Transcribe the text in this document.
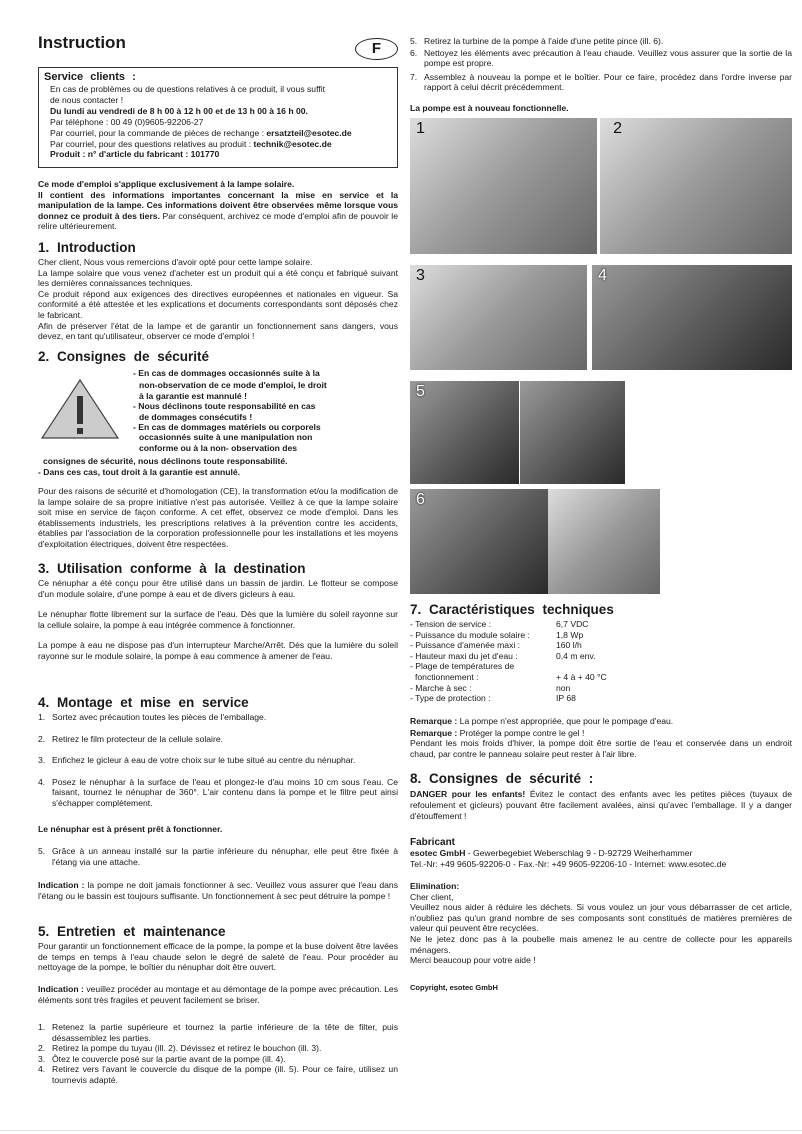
Instruction	F
Service clients :
En cas de problèmes ou de questions relatives à ce produit, il vous suffit
de nous contacter !
Du lundi au vendredi de 8 h 00 à 12 h 00 et de 13 h 00 à 16 h 00.
Par téléphone : 00 49 (0)9605-92206-27
Par courriel, pour la commande de pièces de rechange : ersatzteil@esotec.de
Par courriel, pour des questions relatives au produit : technik@esotec.de
Produit : n° d'article du fabricant : 101770

Ce mode d'emploi s'applique exclusivement à la lampe solaire.

Il contient des informations importantes concernant la mise en service et la manipulation de la lampe. Ces informations doivent être observées même lorsque vous donnez ce produit à des tiers. Par conséquent, archivez ce mode d'emploi afin de pouvoir le relire ultérieurement.

1. Introduction

Cher client, Nous vous remercions d'avoir opté pour cette lampe solaire.

La lampe solaire que vous venez d'acheter est un produit qui a été conçu et fabriqué suivant les dernières connaissances techniques.

Ce produit répond aux exigences des directives européennes et nationales en vigueur. Sa conformité a été attestée et les explications et documents correspondants sont déposés chez le fabricant.

Afin de préserver l'état de la lampe et de garantir un fonctionnement sans dangers, vous devez, en tant qu'utilisateur, observer ce mode d'emploi !

2. Consignes de sécurité
- En cas de dommages occasionnés suite à la
non-observation de ce mode d'emploi, le droit
à la garantie est mannulé !
- Nous déclinons toute responsabilité en cas
de dommages consécutifs !
- En cas de dommages matériels ou corporels
occasionnés suite à une manipulation non
conforme ou à la non- observation des
consignes de sécurité, nous déclinons toute responsabilité.
- Dans ces cas, tout droit à la garantie est annulé.

Pour des raisons de sécurité et d'homologation (CE), la transformation et/ou la modification de la lampe solaire de sa propre initiative n'est pas autorisée. Veillez à ce que la lampe solaire soit mise en service de façon conforme. A cet effet, observez ce mode d'emploi. Dans les établissements industriels, les prescriptions relatives à la prévention contre les accidents, établies par l'association de la corporation professionnelle pour les installations et les moyens d'exploitation électriques, doivent être respectées.

3. Utilisation conforme à la destination

Ce nénuphar a été conçu pour être utilisé dans un bassin de jardin. Le flotteur se compose d'un module solaire, d'une pompe à eau et de divers gicleurs à eau.

Le nénuphar flotte librement sur la surface de l'eau. Dès que la lumière du soleil rayonne sur la cellule solaire, la pompe à eau intégrée commence à fonctionner.

La pompe à eau ne dispose pas d'un interrupteur Marche/Arrêt. Dès que la lumière du soleil rayonne sur le module solaire, la pompe à eau commence à amener de l'eau.

4. Montage et mise en service
1. Sortez avec précaution toutes les pièces de l'emballage.
2. Retirez le film protecteur de la cellule solaire.
3. Enfichez le gicleur à eau de votre choix sur le tube situé au centre du nénuphar.
4. Posez le nénuphar à la surface de l'eau et plongez-le d'au moins 10 cm sous l'eau. Ce faisant, tournez le nénuphar de 360°. L'air contenu dans la pompe et le filtre peut ainsi s'échapper complètement.

Le nénuphar est à présent prêt à fonctionner.

5. Grâce à un anneau installé sur la partie inférieure du nénuphar, elle peut être fixée à l'étang via une attache.

Indication : la pompe ne doit jamais fonctionner à sec. Veuillez vous assurer que l'eau dans l'étang ou le bassin est toujours suffisante. Un fonctionnement à sec peut détruire la pompe !

5. Entretien et maintenance

Pour garantir un fonctionnement efficace de la pompe, la pompe et la buse doivent être lavées de temps en temps à l'eau chaude selon le degré de saleté de l'eau. Pour procéder au nettoyage de la pompe, le boîtier du nénuphar doit être ouvert.

Indication : veuillez procéder au montage et au démontage de la pompe avec précaution. Les éléments sont très fragiles et peuvent facilement se briser.

1. Retenez la partie supérieure et tournez la partie inférieure de la tête de filter, puis désassemblez les parties.
2. Retirez la pompe du tuyau (ill. 2). Dévissez et retirez le bouchon (ill. 3).
3. Ôtez le couvercle posé sur la partie avant de la pompe (ill. 4).
4. Retirez vers l'avant le couvercle du disque de la pompe (ill. 5). Pour ce faire, utilisez un tournevis adapté.
5. Retirez la turbine de la pompe à l'aide d'une petite pince (ill. 6).
6. Nettoyez les éléments avec précaution à l'eau chaude. Veuillez vous assurer que la sortie de la pompe est propre.
7. Assemblez à nouveau la pompe et le boîtier. Pour ce faire, procédez dans l'ordre inverse par rapport à celui décrit précédemment.

La pompe est à nouveau fonctionnelle.

1	2
3	4
5
6
7. Caractéristiques techniques
- Tension de service :	6,7 VDC
- Puissance du module solaire :	1,8 Wp
- Puissance d'amenée maxi :	160 l/h
- Hauteur maxi du jet d'eau :	0,4 m env.
- Plage de températures de
fonctionnement :	+ 4 à + 40 °C
- Marche à sec :	non
- Type de protection :	IP 68

Remarque : La pompe n'est appropriée, que pour le pompage d'eau.

Remarque : Protéger la pompe contre le gel !

Pendant les mois froids d'hiver, la pompe doit être sortie de l'eau et conservée dans un endroit chaud, par contre le panneau solaire peut rester à l'air libre.

8. Consignes de sécurité :

DANGER pour les enfants! Évitez le contact des enfants avec les petites pièces (tuyaux de refoulement et gicleurs) pouvant être facilement avalées, ainsi qu'avec l'emballage. Il y a danger d'étouffement !

Fabricant
esotec GmbH - Gewerbegebiet Weberschlag 9 - D-92729 Weiherhammer
Tel.-Nr: +49 9605-92206-0 - Fax.-Nr: +49 9605-92206-10 - Internet: www.esotec.de
Elimination:

Cher client,

Veuillez nous aider à réduire les déchets. Si vous voulez un jour vous débarrasser de cet article, n'oubliez pas qu'un grand nombre de ses composants sont constitués de matières premières de valeur qui peuvent être recyclées.

Ne le jetez donc pas à la poubelle mais amenez le au centre de collecte pour les appareils ménagers.

Merci beaucoup pour votre aide !

Copyright, esotec GmbH
